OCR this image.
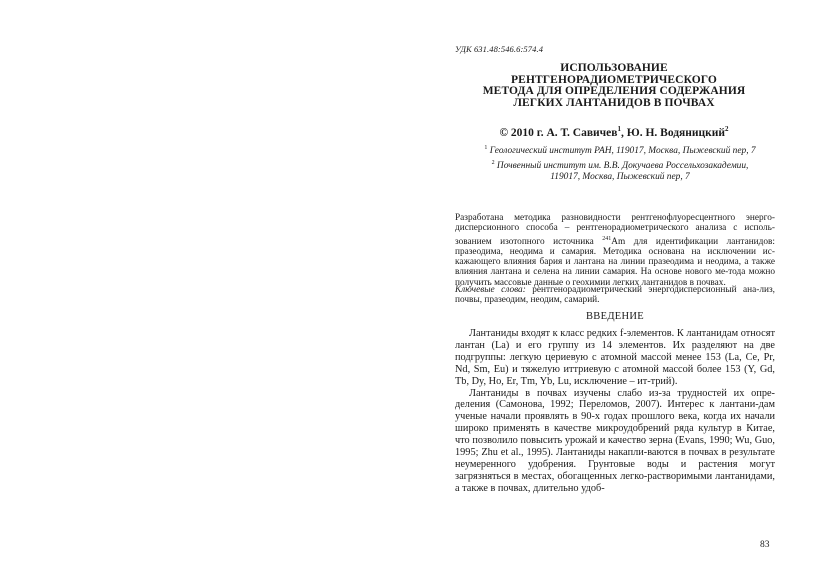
УДК 631.48:546.6:574.4
ИСПОЛЬЗОВАНИЕ
РЕНТГЕНОРАДИОМЕТРИЧЕСКОГО
МЕТОДА ДЛЯ ОПРЕДЕЛЕНИЯ СОДЕРЖАНИЯ
ЛЕГКИХ ЛАНТАНИДОВ В ПОЧВАХ
© 2010 г. А. Т. Савичев$^1$, Ю. Н. Водяницкий$^2$
$^1$ Геологический институт РАН, 119017, Москва, Пыжевский пер, 7
$^2$ Почвенный институт им. В.В. Докучаева Россельхозакадемии,
119017, Москва, Пыжевский пер, 7
Разработана методика разновидности рентгенофлуоресцентного энерго-дисперсионного способа – рентгенорадиометрического анализа с исполь-зованием изотопного источника $^{241}$Am для идентификации лантанидов: празеодима, неодима и самария. Методика основана на исключении ис-кажающего влияния бария и лантана на линии празеодима и неодима, а также влияния лантана и селена на линии самария. На основе нового ме-тода можно получить массовые данные о геохимии легких лантанидов в почвах.
Ключевые слова: рентгенорадиометрический энергодисперсионный ана-лиз, почвы, празеодим, неодим, самарий.
ВВЕДЕНИЕ

Лантаниды входят к класс редких f-элементов. К лантанидам относят лантан (La) и его группу из 14 элементов. Их разделяют на две подгруппы: легкую цериевую с атомной массой менее 153 (La, Ce, Pr, Nd, Sm, Eu) и тяжелую иттриевую с атомной массой более 153 (Y, Gd, Tb, Dy, Ho, Er, Tm, Yb, Lu, исключение – ит-трий).

Лантаниды в почвах изучены слабо из-за трудностей их опре-деления (Самонова, 1992; Переломов, 2007). Интерес к лантани-дам ученые начали проявлять в 90-х годах прошлого века, когда их начали широко применять в качестве микроудобрений ряда культур в Китае, что позволило повысить урожай и качество зерна (Evans, 1990; Wu, Guo, 1995; Zhu et al., 1995). Лантаниды накапли-ваются в почвах в результате неумеренного удобрения. Грунтовые воды и растения могут загрязняться в местах, обогащенных легко-растворимыми лантанидами, а также в почвах, длительно удоб-

83
